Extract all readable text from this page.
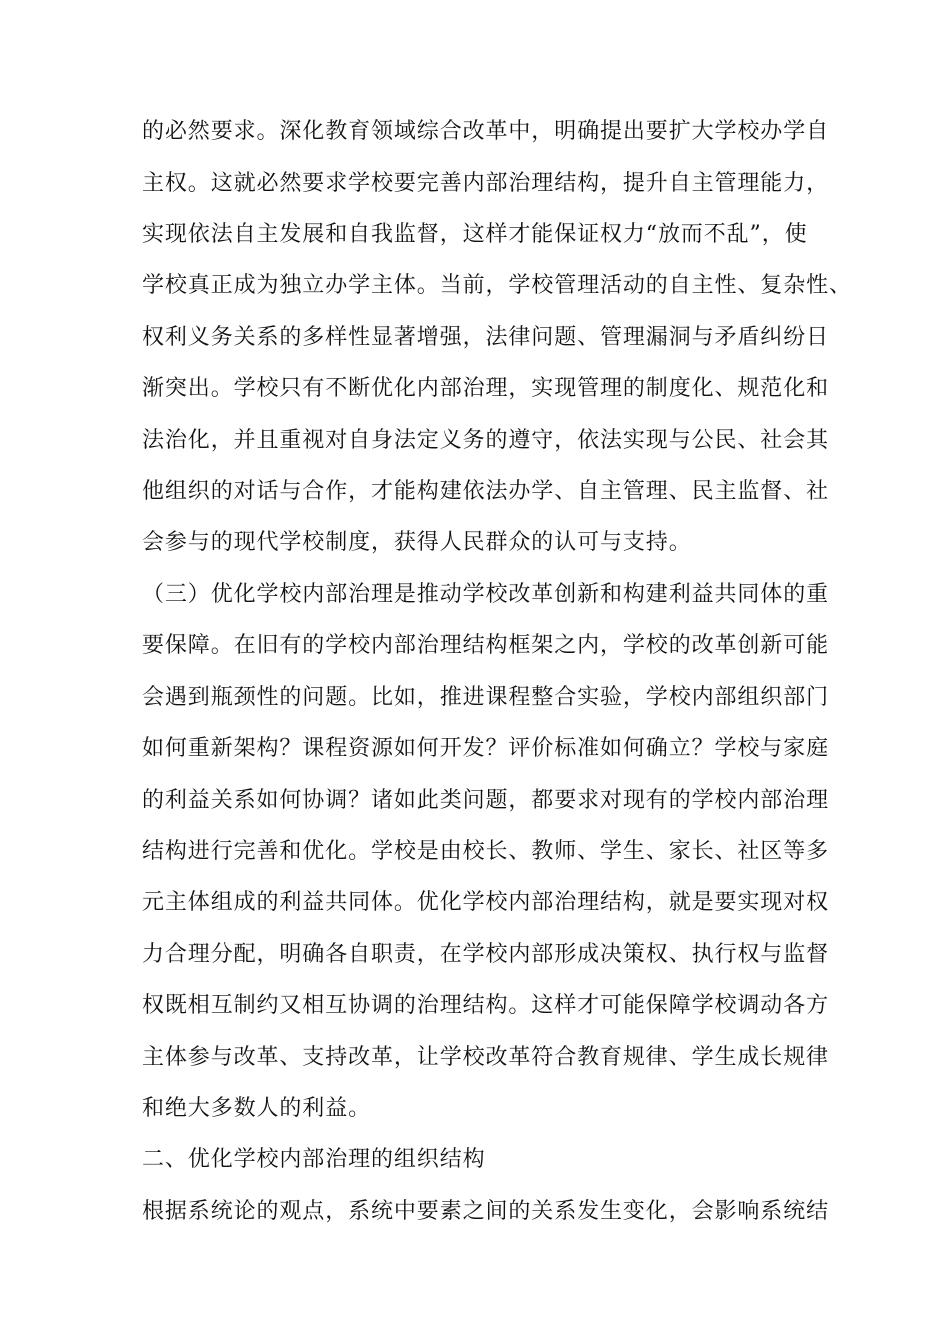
的必然要求。深化教育领域综合改革中，明确提出要扩大学校办学自
主权。这就必然要求学校要完善内部治理结构，提升自主管理能力，
实现依法自主发展和自我监督，这样才能保证权力“放而不乱”，使
学校真正成为独立办学主体。当前，学校管理活动的自主性、复杂性、
权利义务关系的多样性显著增强，法律问题、管理漏洞与矛盾纠纷日
渐突出。学校只有不断优化内部治理，实现管理的制度化、规范化和
法治化，并且重视对自身法定义务的遵守，依法实现与公民、社会其
他组织的对话与合作，才能构建依法办学、自主管理、民主监督、社
会参与的现代学校制度，获得人民群众的认可与支持。
（三）优化学校内部治理是推动学校改革创新和构建利益共同体的重
要保障。在旧有的学校内部治理结构框架之内，学校的改革创新可能
会遇到瓶颈性的问题。比如，推进课程整合实验，学校内部组织部门
如何重新架构？课程资源如何开发？评价标准如何确立？学校与家庭
的利益关系如何协调？诸如此类问题，都要求对现有的学校内部治理
结构进行完善和优化。学校是由校长、教师、学生、家长、社区等多
元主体组成的利益共同体。优化学校内部治理结构，就是要实现对权
力合理分配，明确各自职责，在学校内部形成决策权、执行权与监督
权既相互制约又相互协调的治理结构。这样才可能保障学校调动各方
主体参与改革、支持改革，让学校改革符合教育规律、学生成长规律
和绝大多数人的利益。
二、优化学校内部治理的组织结构
根据系统论的观点，系统中要素之间的关系发生变化，会影响系统结
